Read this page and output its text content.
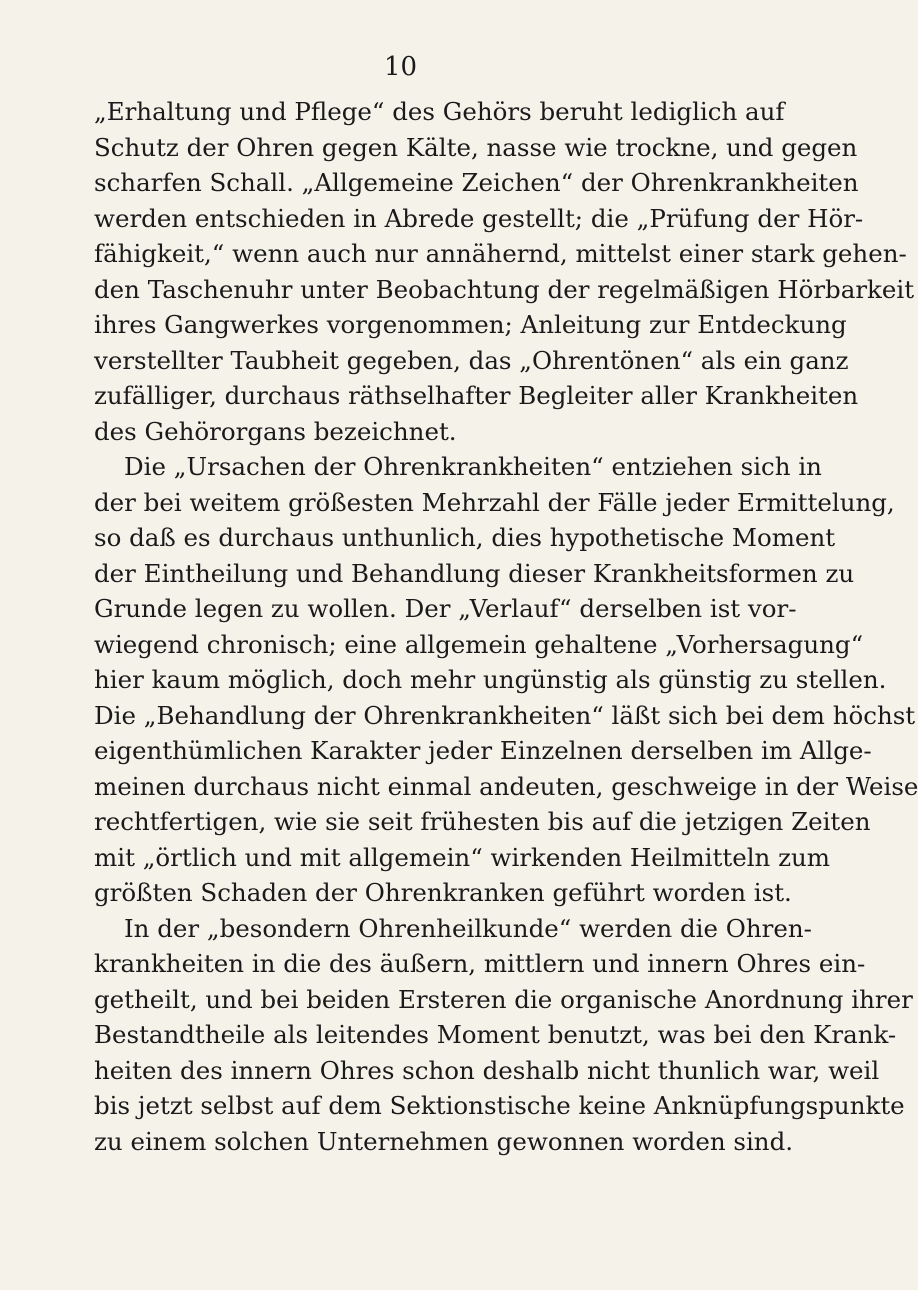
10
„Erhaltung und Pflege“ des Gehörs beruht lediglich auf
Schutz der Ohren gegen Kälte, nasse wie trockne, und gegen
scharfen Schall. „Allgemeine Zeichen“ der Ohrenkrankheiten
werden entschieden in Abrede gestellt; die „Prüfung der Hör-
fähigkeit,“ wenn auch nur annähernd, mittelst einer stark gehen-
den Taschenuhr unter Beobachtung der regelmäßigen Hörbarkeit
ihres Gangwerkes vorgenommen; Anleitung zur Entdeckung
verstellter Taubheit gegeben, das „Ohrentönen“ als ein ganz
zufälliger, durchaus räthselhafter Begleiter aller Krankheiten
des Gehörorgans bezeichnet.
Die „Ursachen der Ohrenkrankheiten“ entziehen sich in
der bei weitem größesten Mehrzahl der Fälle jeder Ermittelung,
so daß es durchaus unthunlich, dies hypothetische Moment
der Eintheilung und Behandlung dieser Krankheitsformen zu
Grunde legen zu wollen. Der „Verlauf“ derselben ist vor-
wiegend chronisch; eine allgemein gehaltene „Vorhersagung“
hier kaum möglich, doch mehr ungünstig als günstig zu stellen.
Die „Behandlung der Ohrenkrankheiten“ läßt sich bei dem höchst
eigenthümlichen Karakter jeder Einzelnen derselben im Allge-
meinen durchaus nicht einmal andeuten, geschweige in der Weise
rechtfertigen, wie sie seit frühesten bis auf die jetzigen Zeiten
mit „örtlich und mit allgemein“ wirkenden Heilmitteln zum
größten Schaden der Ohrenkranken geführt worden ist.
In der „besondern Ohrenheilkunde“ werden die Ohren-
krankheiten in die des äußern, mittlern und innern Ohres ein-
getheilt, und bei beiden Ersteren die organische Anordnung ihrer
Bestandtheile als leitendes Moment benutzt, was bei den Krank-
heiten des innern Ohres schon deshalb nicht thunlich war, weil
bis jetzt selbst auf dem Sektionstische keine Anknüpfungspunkte
zu einem solchen Unternehmen gewonnen worden sind.
